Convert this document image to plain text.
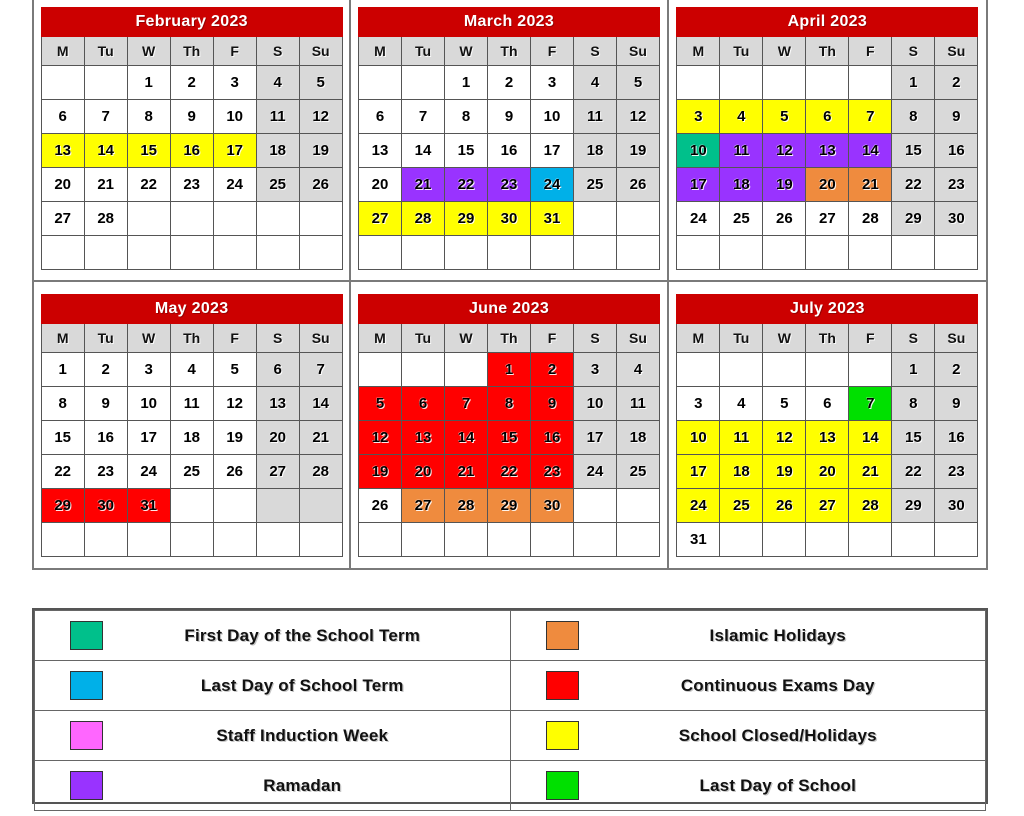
February 2023						
M	Tu	W	Th	F	S	Su
		1	2	3	4	5
6	7	8	9	10	11	12
13	14	15	16	17	18	19
20	21	22	23	24	25	26
27	28					

March 2023						
M	Tu	W	Th	F	S	Su
		1	2	3	4	5
6	7	8	9	10	11	12
13	14	15	16	17	18	19
20	21	22	23	24	25	26
27	28	29	30	31		

April 2023						
M	Tu	W	Th	F	S	Su
					1	2
3	4	5	6	7	8	9
10	11	12	13	14	15	16
17	18	19	20	21	22	23
24	25	26	27	28	29	30

May 2023						
M	Tu	W	Th	F	S	Su
1	2	3	4	5	6	7
8	9	10	11	12	13	14
15	16	17	18	19	20	21
22	23	24	25	26	27	28
29	30	31				

June 2023						
M	Tu	W	Th	F	S	Su
			1	2	3	4
5	6	7	8	9	10	11
12	13	14	15	16	17	18
19	20	21	22	23	24	25
26	27	28	29	30		

July 2023						
M	Tu	W	Th	F	S	Su
					1	2
3	4	5	6	7	8	9
10	11	12	13	14	15	16
17	18	19	20	21	22	23
24	25	26	27	28	29	30
31						
First Day of the School Term	Islamic Holidays

Last Day of School Term	Continuous Exams Day

Staff Induction Week	School Closed/Holidays

Ramadan	Last Day of School
